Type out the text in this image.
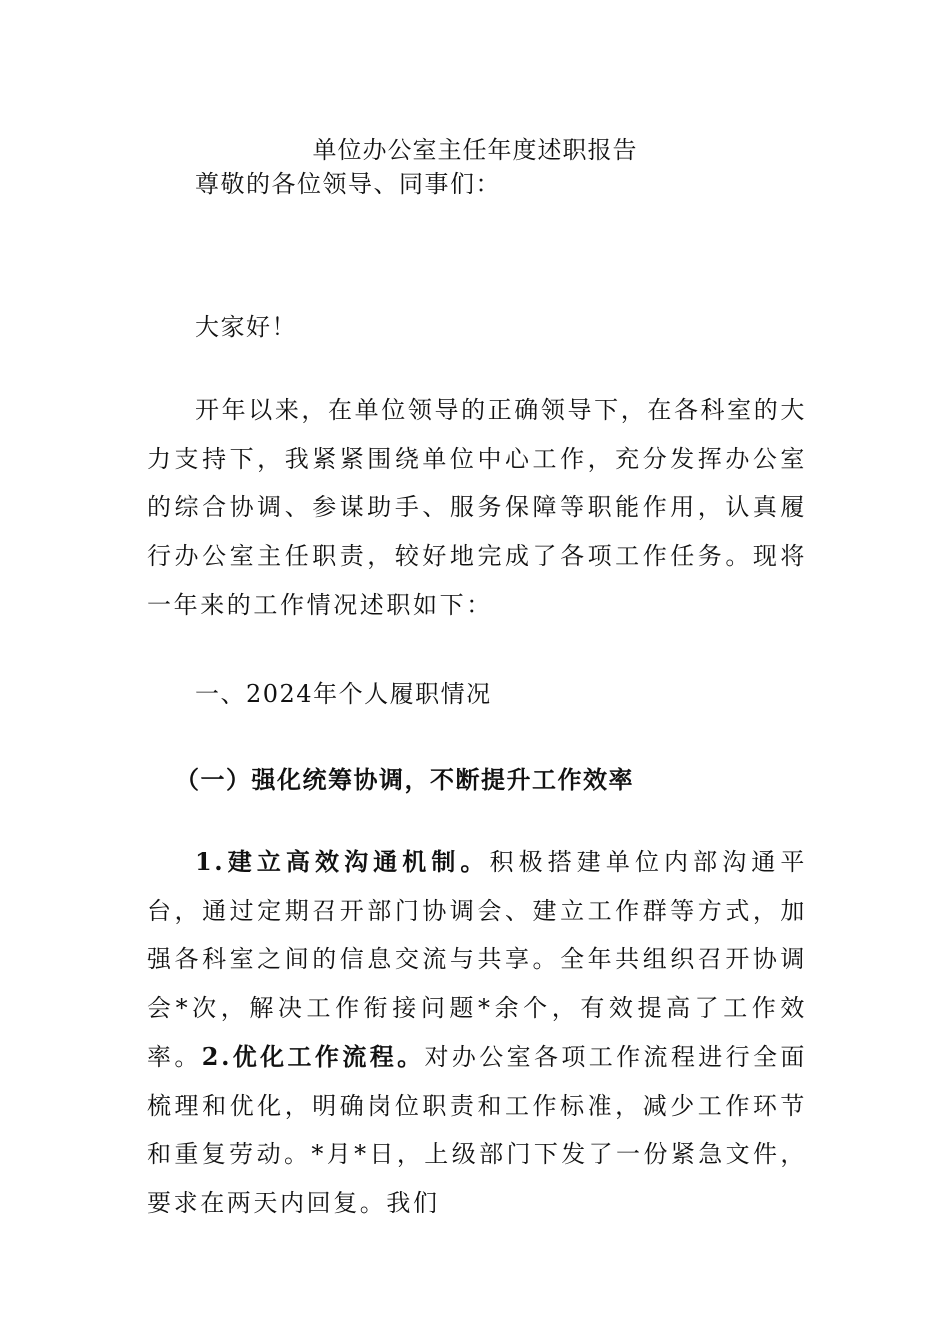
单位办公室主任年度述职报告
尊敬的各位领导、同事们：
大家好！
开年以来，在单位领导的正确领导下，在各科室的大力支持下，我紧紧围绕单位中心工作，充分发挥办公室的综合协调、参谋助手、服务保障等职能作用，认真履行办公室主任职责，较好地完成了各项工作任务。现将一年来的工作情况述职如下：
一、2024年个人履职情况
（一）强化统筹协调，不断提升工作效率
1.建立高效沟通机制。积极搭建单位内部沟通平台，通过定期召开部门协调会、建立工作群等方式，加强各科室之间的信息交流与共享。全年共组织召开协调会*次，解决工作衔接问题*余个，有效提高了工作效率。2.优化工作流程。对办公室各项工作流程进行全面梳理和优化，明确岗位职责和工作标准，减少工作环节和重复劳动。*月*日，上级部门下发了一份紧急文件，要求在两天内回复。我们
